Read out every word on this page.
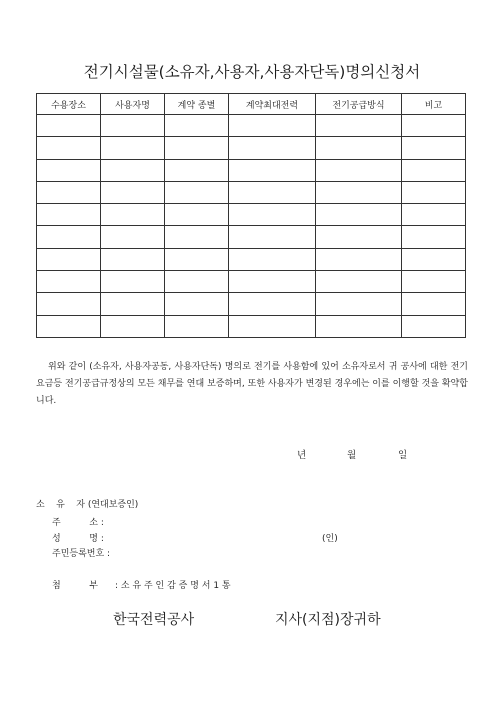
전기시설물(소유자,사용자,사용자단독)명의신청서
수용장소	사용자명	계약 종별	계약최대전력	전기공급방식	비고

위와 같이 (소유자, 사용자공동, 사용자단독) 명의로 전기를 사용함에 있어 소유자로서 귀 공사에 대한 전기요금등 전기공급규정상의 모든 채무를 연대 보증하며, 또한 사용자가 변경된 경우에는 이를 이행할 것을 확약합니다.
년	월	일
소    유    자 (연대보증인)
주          소 :
성          명 :	(인)
주민등록번호 :
첨          부 : 소 유 주 인 감 증 명 서 1 통
한국전력공사	지사(지점)장귀하
